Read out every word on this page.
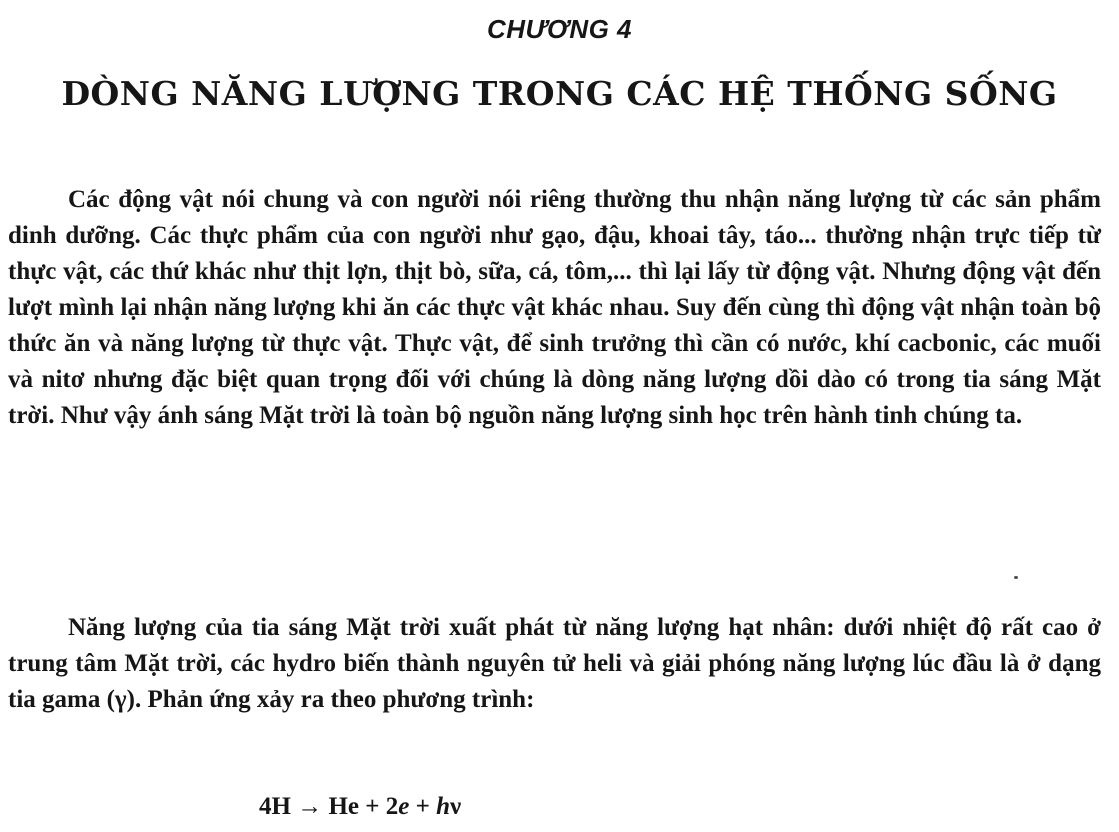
CHƯƠNG 4
DÒNG NĂNG LƯỢNG TRONG CÁC HỆ THỐNG SỐNG

Các động vật nói chung và con người nói riêng thường thu nhận năng lượng từ các sản phẩm dinh dưỡng. Các thực phẩm của con người như gạo, đậu, khoai tây, táo... thường nhận trực tiếp từ thực vật, các thứ khác như thịt lợn, thịt bò, sữa, cá, tôm,... thì lại lấy từ động vật. Nhưng động vật đến lượt mình lại nhận năng lượng khi ăn các thực vật khác nhau. Suy đến cùng thì động vật nhận toàn bộ thức ăn và năng lượng từ thực vật. Thực vật, để sinh trưởng thì cần có nước, khí cacbonic, các muối và nitơ nhưng đặc biệt quan trọng đối với chúng là dòng năng lượng dồi dào có trong tia sáng Mặt trời. Như vậy ánh sáng Mặt trời là toàn bộ nguồn năng lượng sinh học trên hành tinh chúng ta.

Năng lượng của tia sáng Mặt trời xuất phát từ năng lượng hạt nhân: dưới nhiệt độ rất cao ở trung tâm Mặt trời, các hydro biến thành nguyên tử heli và giải phóng năng lượng lúc đầu là ở dạng tia gama (γ). Phản ứng xảy ra theo phương trình:

4H → He + 2e + hν
